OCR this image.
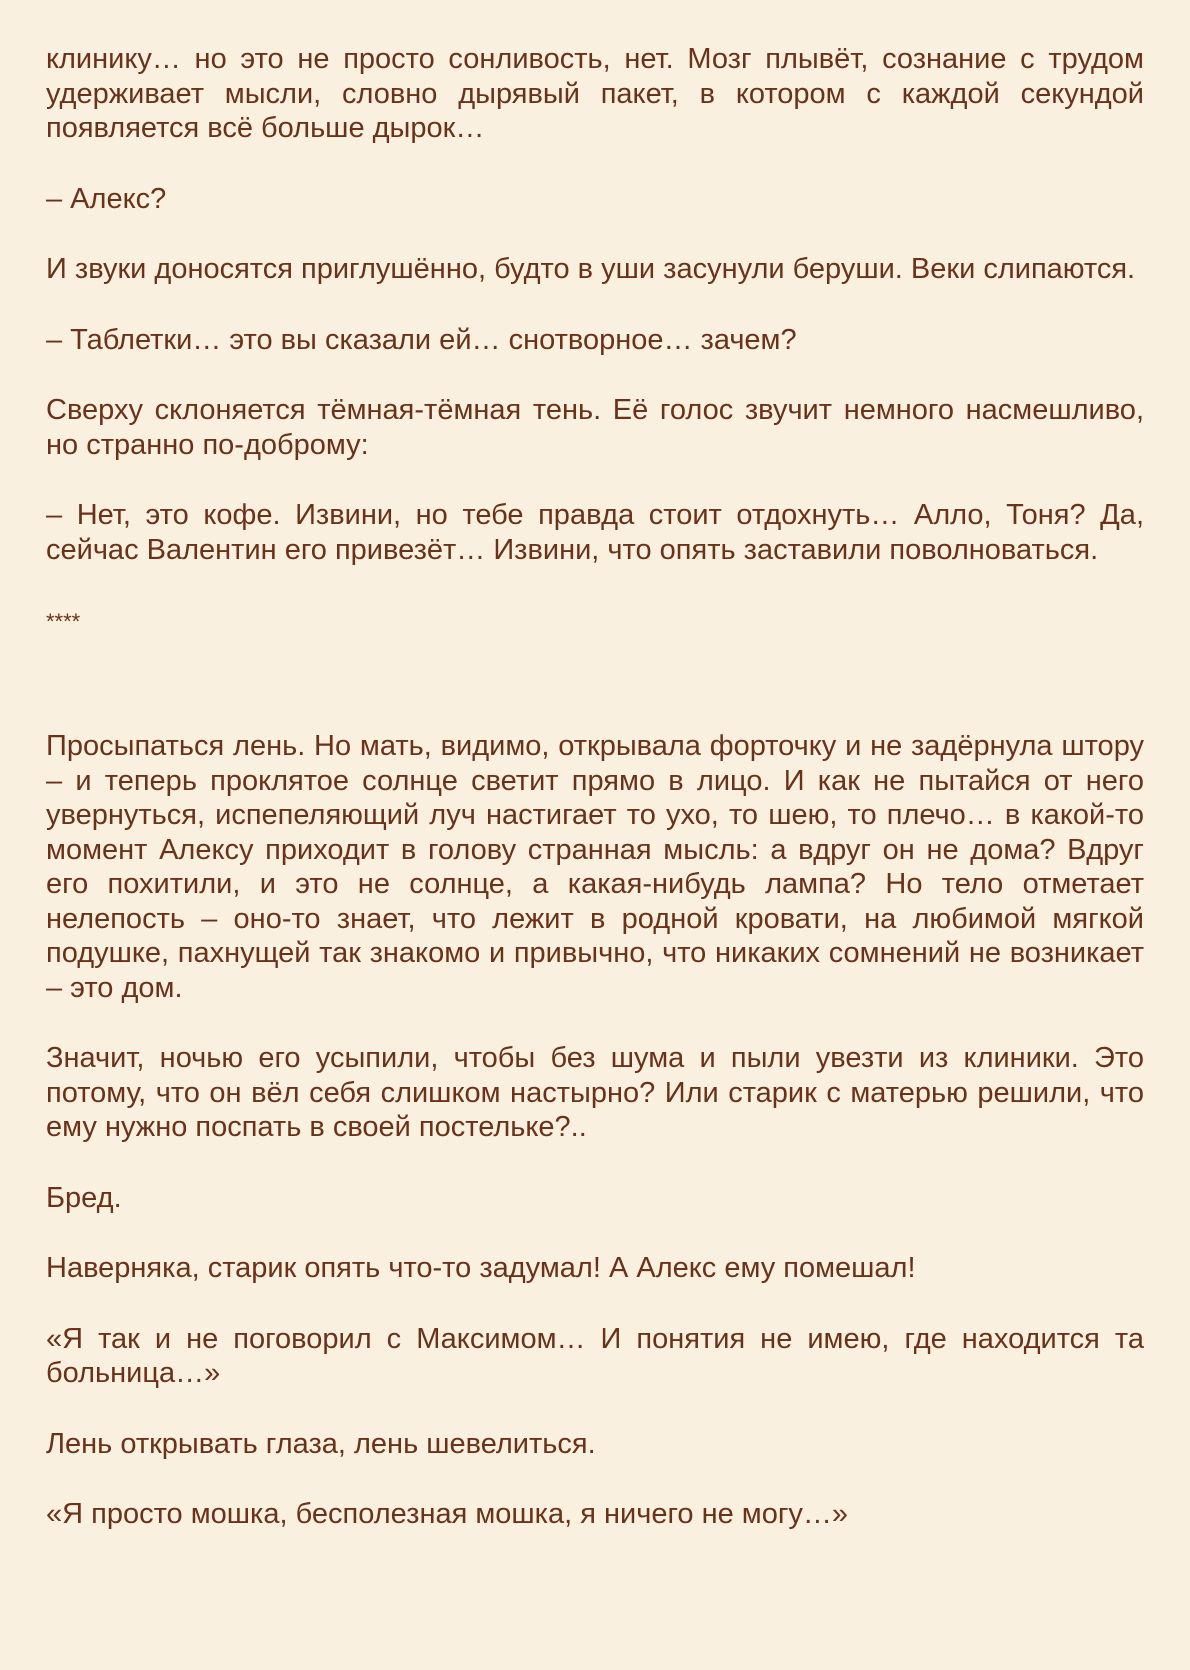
клинику… но это не просто сонливость, нет. Мозг плывёт, сознание с трудом удерживает мысли, словно дырявый пакет, в котором с каждой секундой появляется всё больше дырок…

– Алекс?

И звуки доносятся приглушённо, будто в уши засунули беруши. Веки слипаются.

– Таблетки… это вы сказали ей… снотворное… зачем?

Сверху склоняется тёмная-тёмная тень. Её голос звучит немного насмешливо, но странно по-доброму:

– Нет, это кофе. Извини, но тебе правда стоит отдохнуть… Алло, Тоня? Да, сейчас Валентин его привезёт… Извини, что опять заставили поволноваться.

****

Просыпаться лень. Но мать, видимо, открывала форточку и не задёрнула штору – и теперь проклятое солнце светит прямо в лицо. И как не пытайся от него увернуться, испепеляющий луч настигает то ухо, то шею, то плечо… в какой-то момент Алексу приходит в голову странная мысль: а вдруг он не дома? Вдруг его похитили, и это не солнце, а какая-нибудь лампа? Но тело отметает нелепость – оно-то знает, что лежит в родной кровати, на любимой мягкой подушке, пахнущей так знакомо и привычно, что никаких сомнений не возникает – это дом.

Значит, ночью его усыпили, чтобы без шума и пыли увезти из клиники. Это потому, что он вёл себя слишком настырно? Или старик с матерью решили, что ему нужно поспать в своей постельке?..

Бред.

Наверняка, старик опять что-то задумал! А Алекс ему помешал!

«Я так и не поговорил с Максимом… И понятия не имею, где находится та больница…»

Лень открывать глаза, лень шевелиться.

«Я просто мошка, бесполезная мошка, я ничего не могу…»
